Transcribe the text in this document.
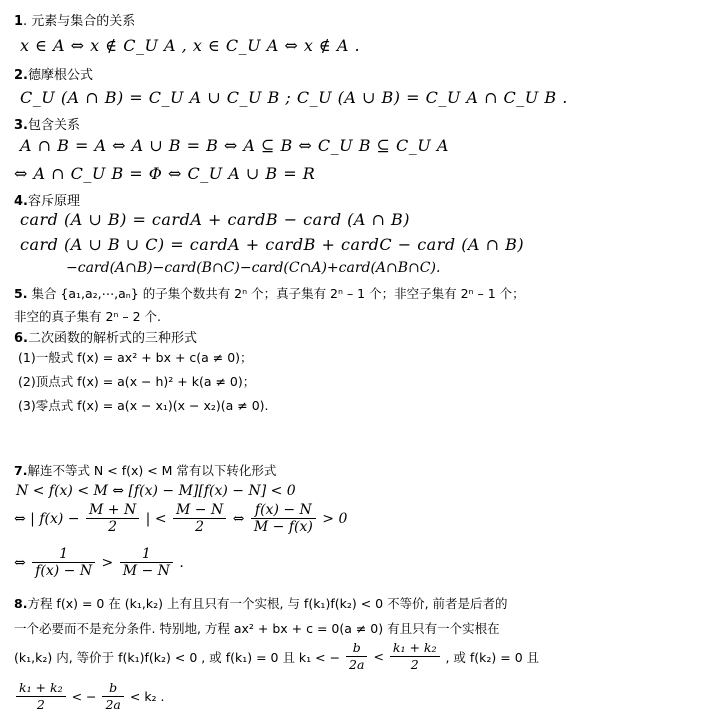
1. 元素与集合的关系
x ∈ A ⇔ x ∉ C_U A , x ∈ C_U A ⇔ x ∉ A .
2.德摩根公式
C_U (A ∩ B) = C_U A ∪ C_U B ; C_U (A ∪ B) = C_U A ∩ C_U B .
3.包含关系
A ∩ B = A ⇔ A ∪ B = B ⇔ A ⊆ B ⇔ C_U B ⊆ C_U A
⇔ A ∩ C_U B = Φ ⇔ C_U A ∪ B = R
4.容斥原理
card (A ∪ B) = cardA + cardB − card (A ∩ B)
card (A ∪ B ∪ C) = cardA + cardB + cardC − card (A ∩ B)
−card(A∩B)−card(B∩C)−card(C∩A)+card(A∩B∩C).
5. 集合 {a₁,a₂,⋯,aₙ} 的子集个数共有 2ⁿ 个；真子集有 2ⁿ – 1 个；非空子集有 2ⁿ – 1 个；
非空的真子集有 2ⁿ – 2 个.
6.二次函数的解析式的三种形式
(1)一般式 f(x) = ax² + bx + c(a ≠ 0)；
(2)顶点式 f(x) = a(x − h)² + k(a ≠ 0)；
(3)零点式 f(x) = a(x − x₁)(x − x₂)(a ≠ 0).
7.解连不等式 N < f(x) < M 常有以下转化形式
N < f(x) < M ⇔ [f(x) − M][f(x) − N] < 0
⇔ | $f(x) - \frac{M + N}{2}$ | < $\frac{M - N}{2}$ ⇔ $\frac{f(x) - N}{M - f(x)} > 0$
⇔ $\frac{1}{f(x) - N} > \frac{1}{M - N}$ .
8.方程 f(x) = 0 在 (k₁,k₂) 上有且只有一个实根, 与 f(k₁)f(k₂) < 0 不等价, 前者是后者的
一个必要而不是充分条件. 特别地, 方程 ax² + bx + c = 0(a ≠ 0) 有且只有一个实根在
(k₁,k₂) 内, 等价于 f(k₁)f(k₂) < 0 , 或 f(k₁) = 0 且 k₁ < − $\frac{b}{2a} < \frac{\text{k₁ + k₂}}{2}$ , 或 f(k₂) = 0 且
$\frac{\text{k₁ + k₂}}{2}$ < − $\frac{b}{2a} < k_2$ .
